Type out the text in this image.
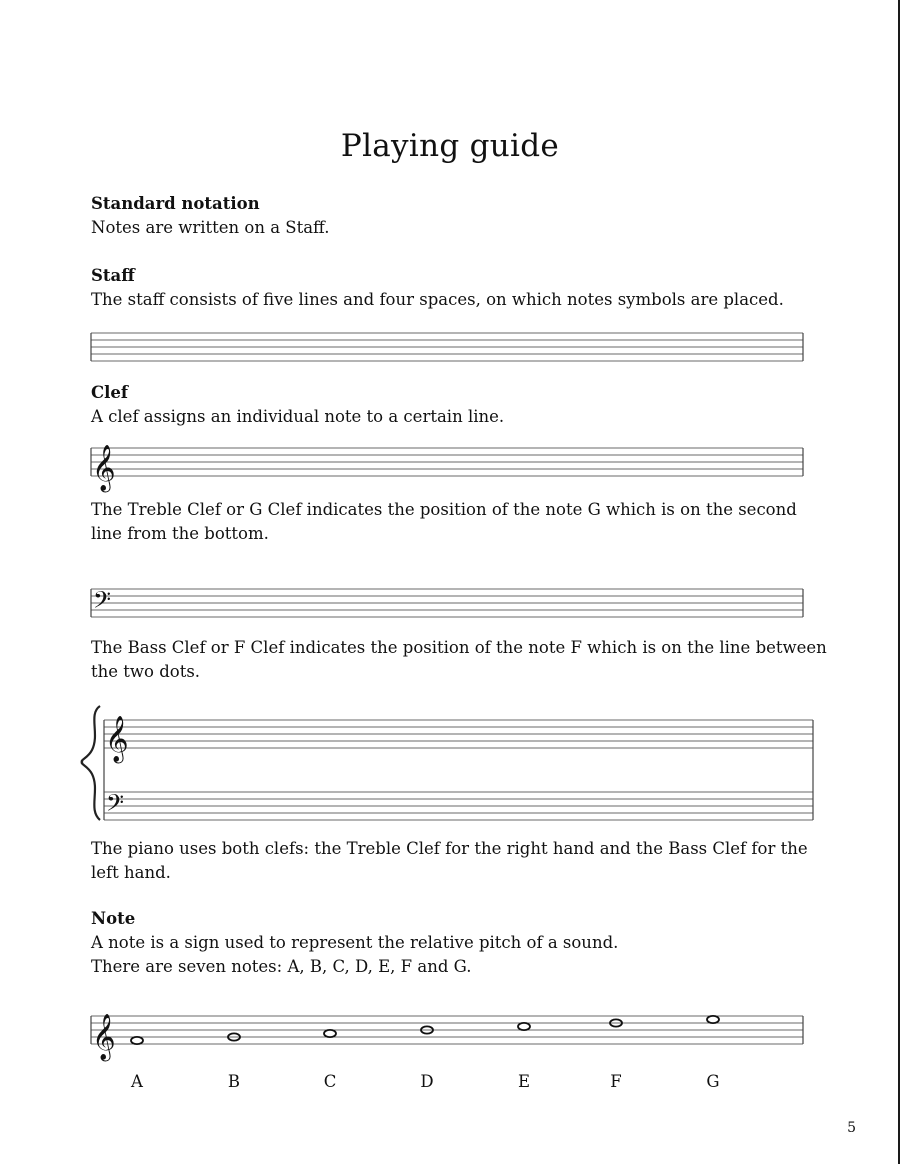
Playing guide

Standard notation

Notes are written on a Staff.

Staff

The staff consists of five lines and four spaces, on which notes symbols are placed.

Clef

A clef assigns an individual note to a certain line.

𝄞

The Treble Clef or G Clef indicates the position of the note G which is on the second line from the bottom.

𝄢

The Bass Clef or F Clef indicates the position of the note F which is on the line between the two dots.

𝄞
𝄢

The piano uses both clefs: the Treble Clef for the right hand and the Bass Clef for the left hand.

Note

A note is a sign used to represent the relative pitch of a sound.

There are seven notes: A, B, C, D, E, F and G.

𝄞
A	B	C	D	E	F	G
5
